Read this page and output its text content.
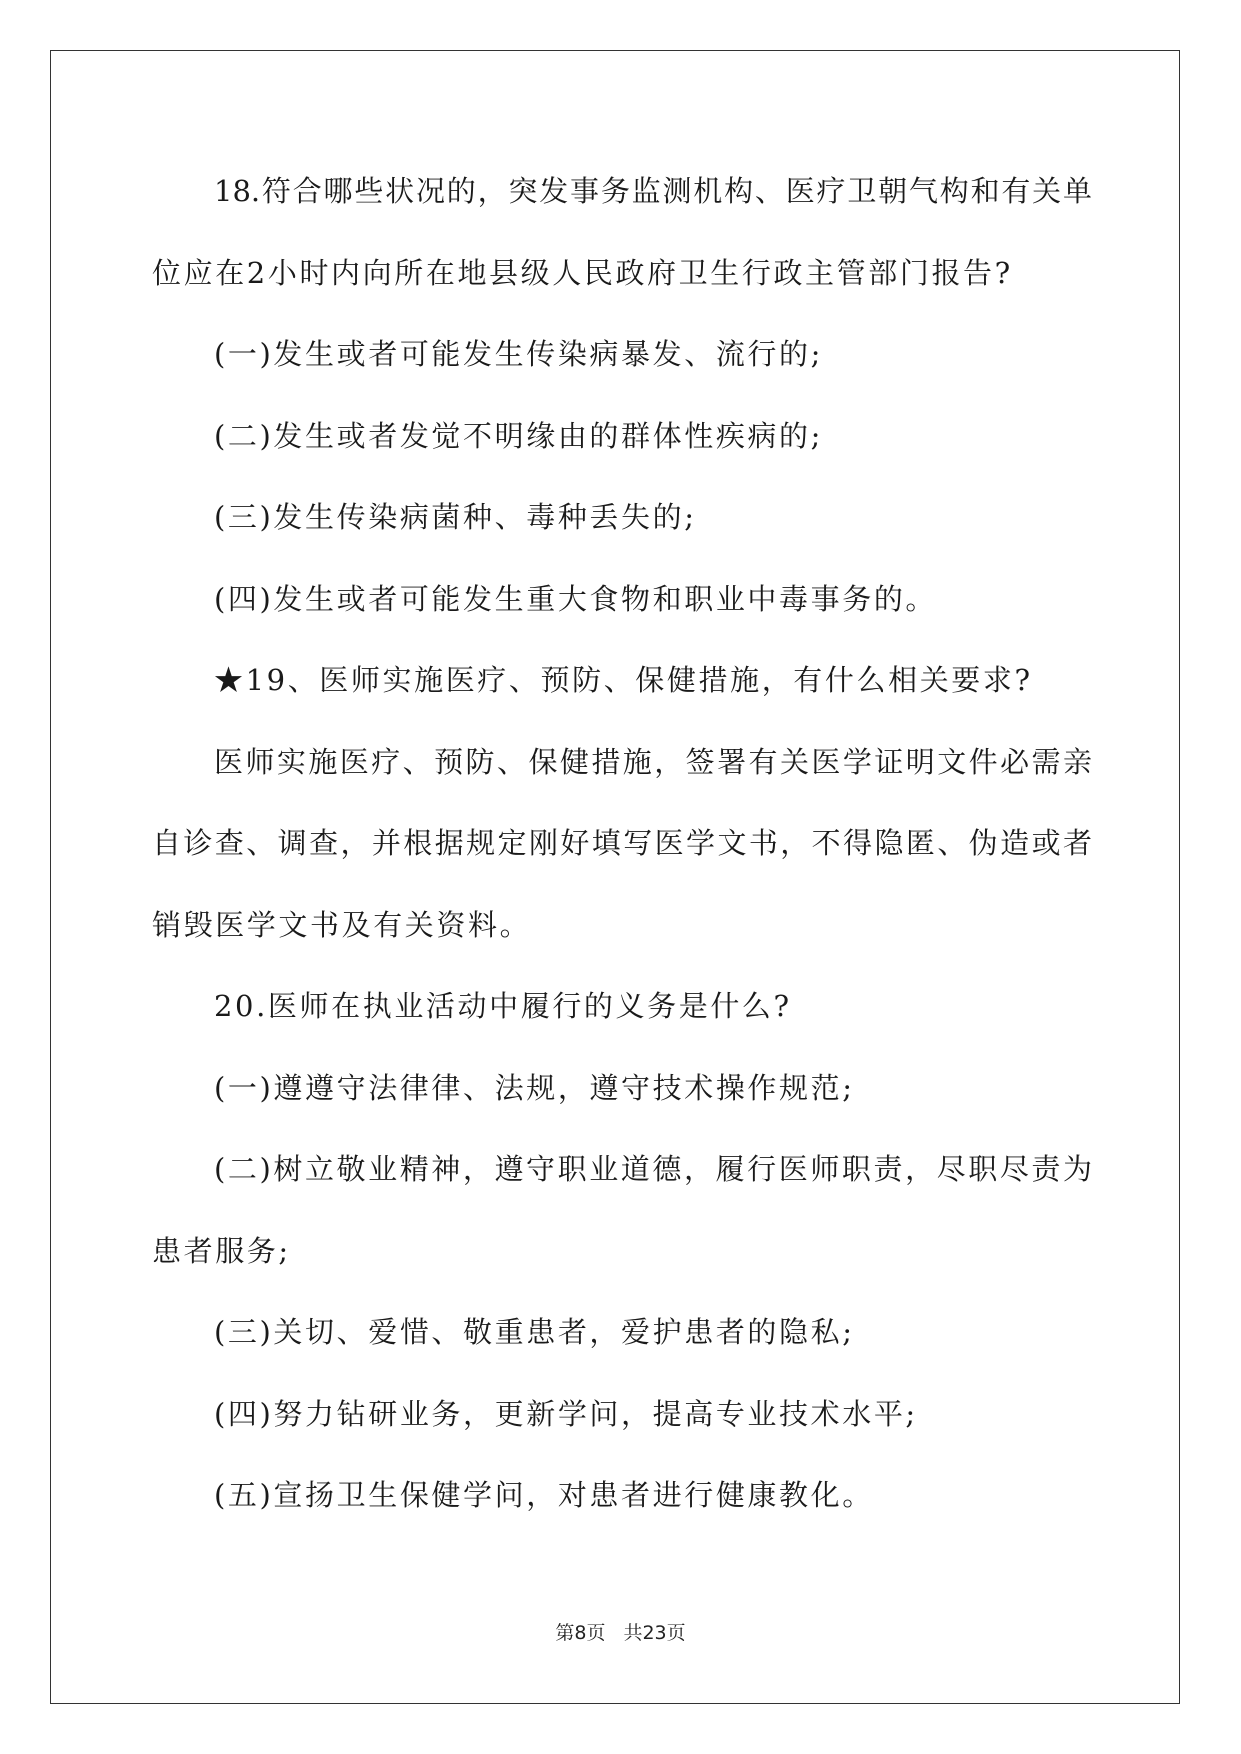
18.符合哪些状况的，突发事务监测机构、医疗卫朝气构和有关单
位应在2小时内向所在地县级人民政府卫生行政主管部门报告?
(一)发生或者可能发生传染病暴发、流行的;
(二)发生或者发觉不明缘由的群体性疾病的;
(三)发生传染病菌种、毒种丢失的;
(四)发生或者可能发生重大食物和职业中毒事务的。
★19、医师实施医疗、预防、保健措施，有什么相关要求?
医师实施医疗、预防、保健措施，签署有关医学证明文件必需亲
自诊查、调查，并根据规定刚好填写医学文书，不得隐匿、伪造或者
销毁医学文书及有关资料。
20.医师在执业活动中履行的义务是什么?
(一)遵遵守法律律、法规，遵守技术操作规范;
(二)树立敬业精神，遵守职业道德，履行医师职责，尽职尽责为
患者服务;
(三)关切、爱惜、敬重患者，爱护患者的隐私;
(四)努力钻研业务，更新学问，提高专业技术水平;
(五)宣扬卫生保健学问，对患者进行健康教化。
第8页 共23页
